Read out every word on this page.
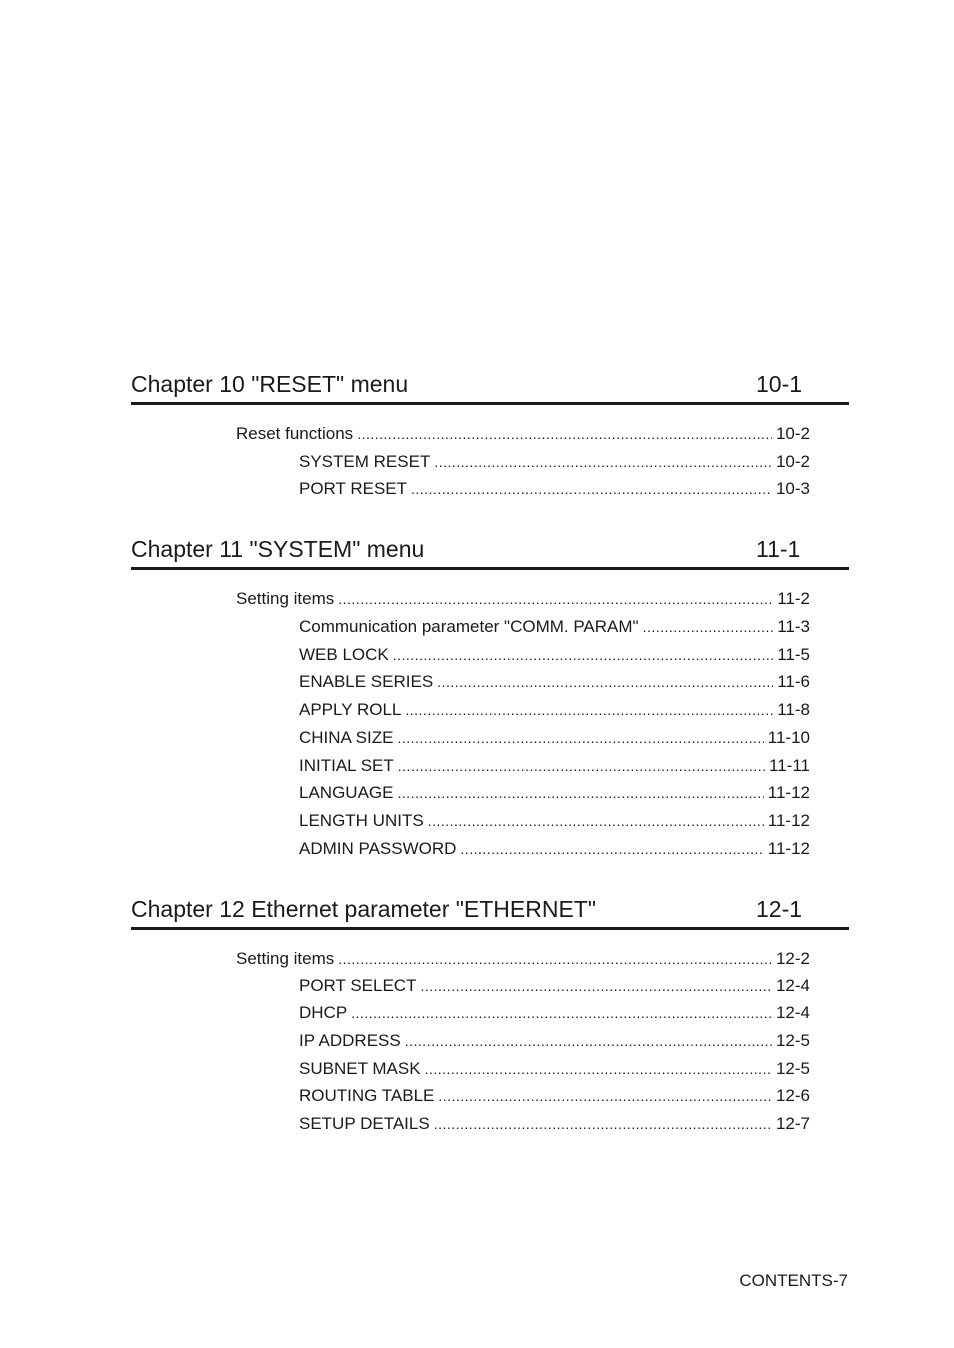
Chapter 10 "RESET" menu	10-1
Reset functions .....	10-2
SYSTEM RESET .....	10-2
PORT RESET .....	10-3
Chapter 11 "SYSTEM" menu	11-1
Setting items .....	11-2
Communication parameter "COMM. PARAM" .....	11-3
WEB LOCK .....	11-5
ENABLE SERIES .....	11-6
APPLY ROLL .....	11-8
CHINA SIZE .....	11-10
INITIAL SET .....	11-11
LANGUAGE .....	11-12
LENGTH UNITS .....	11-12
ADMIN PASSWORD .....	11-12
Chapter 12 Ethernet parameter "ETHERNET"	12-1
Setting items .....	12-2
PORT SELECT .....	12-4
DHCP .....	12-4
IP ADDRESS .....	12-5
SUBNET MASK .....	12-5
ROUTING TABLE .....	12-6
SETUP DETAILS .....	12-7
CONTENTS-7
